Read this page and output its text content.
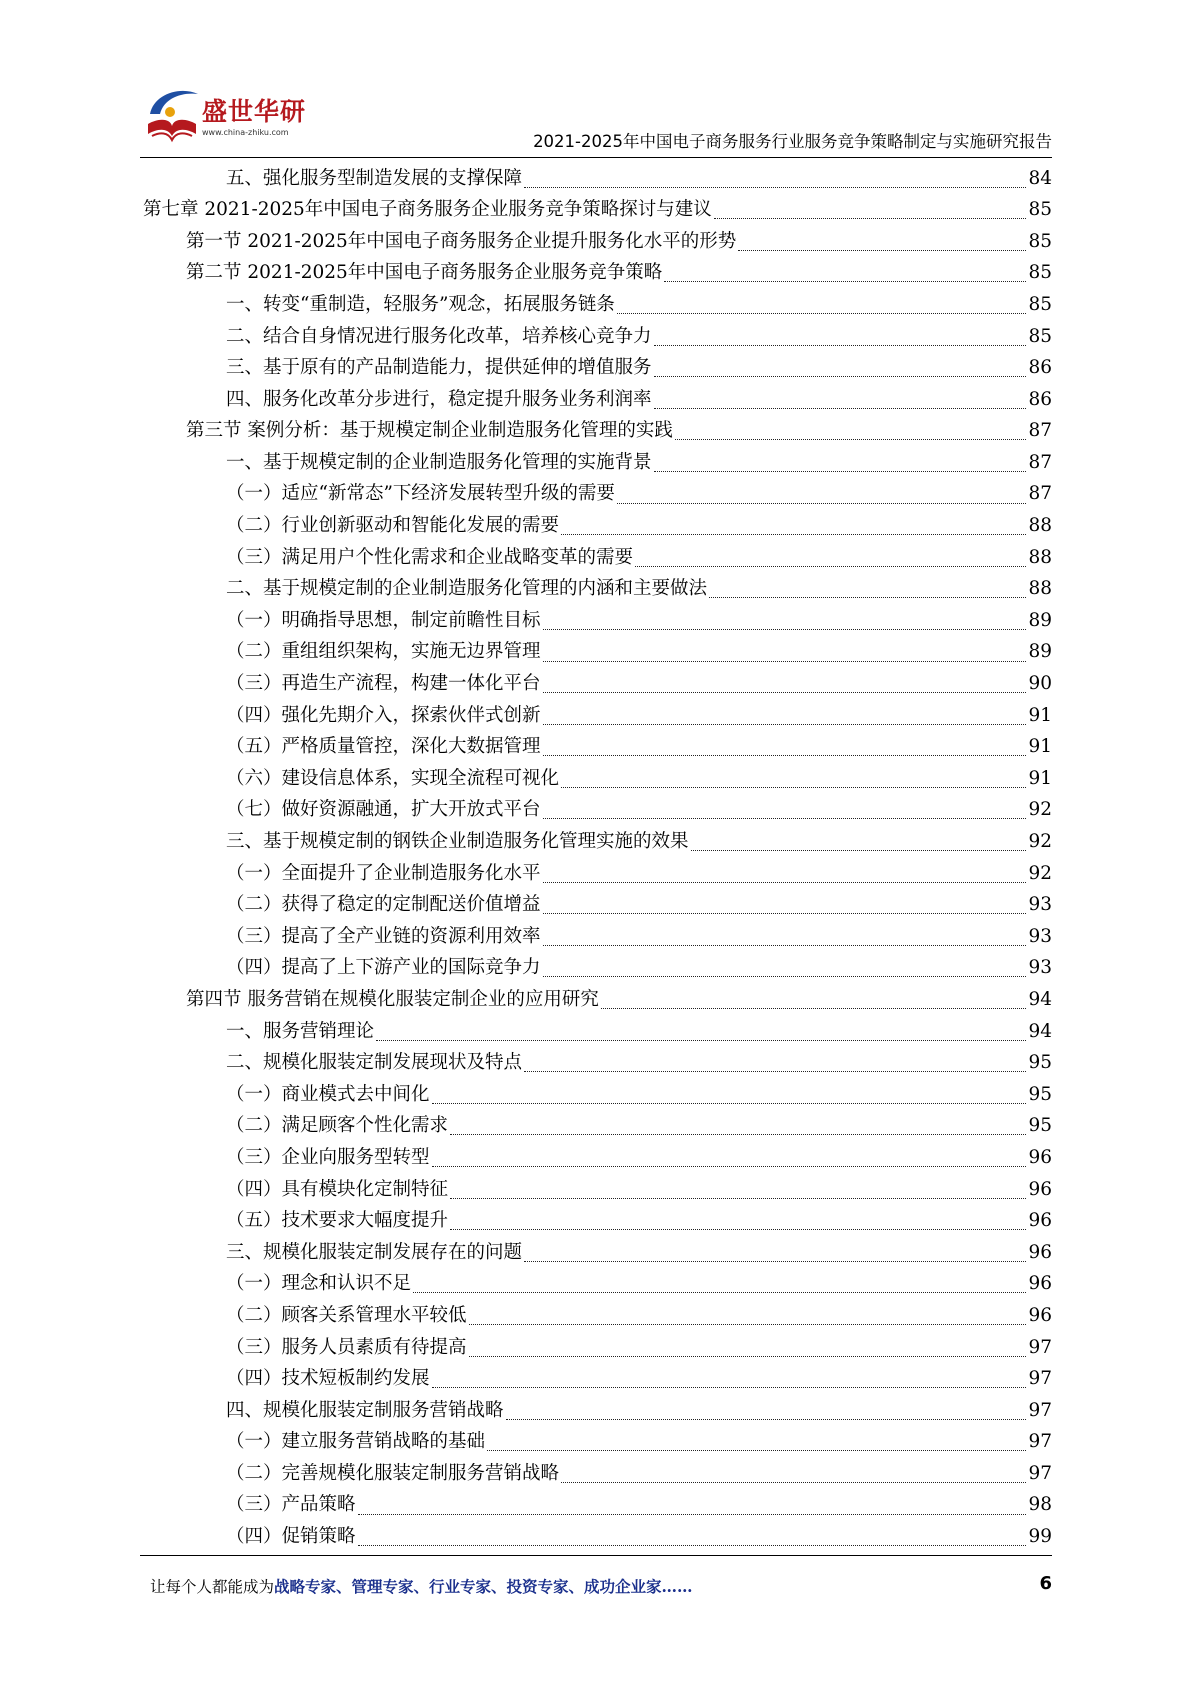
盛世华研
www.china-zhiku.com	2021-2025年中国电子商务服务行业服务竞争策略制定与实施研究报告
五、强化服务型制造发展的支撑保障	84
第七章 2021-2025年中国电子商务服务企业服务竞争策略探讨与建议	85
第一节 2021-2025年中国电子商务服务企业提升服务化水平的形势	85
第二节 2021-2025年中国电子商务服务企业服务竞争策略	85
一、转变“重制造，轻服务”观念，拓展服务链条	85
二、结合自身情况进行服务化改革，培养核心竞争力	85
三、基于原有的产品制造能力，提供延伸的增值服务	86
四、服务化改革分步进行，稳定提升服务业务利润率	86
第三节 案例分析：基于规模定制企业制造服务化管理的实践	87
一、基于规模定制的企业制造服务化管理的实施背景	87
（一）适应“新常态”下经济发展转型升级的需要	87
（二）行业创新驱动和智能化发展的需要	88
（三）满足用户个性化需求和企业战略变革的需要	88
二、基于规模定制的企业制造服务化管理的内涵和主要做法	88
（一）明确指导思想，制定前瞻性目标	89
（二）重组组织架构，实施无边界管理	89
（三）再造生产流程，构建一体化平台	90
（四）强化先期介入，探索伙伴式创新	91
（五）严格质量管控，深化大数据管理	91
（六）建设信息体系，实现全流程可视化	91
（七）做好资源融通，扩大开放式平台	92
三、基于规模定制的钢铁企业制造服务化管理实施的效果	92
（一）全面提升了企业制造服务化水平	92
（二）获得了稳定的定制配送价值增益	93
（三）提高了全产业链的资源利用效率	93
（四）提高了上下游产业的国际竞争力	93
第四节 服务营销在规模化服装定制企业的应用研究	94
一、服务营销理论	94
二、规模化服装定制发展现状及特点	95
（一）商业模式去中间化	95
（二）满足顾客个性化需求	95
（三）企业向服务型转型	96
（四）具有模块化定制特征	96
（五）技术要求大幅度提升	96
三、规模化服装定制发展存在的问题	96
（一）理念和认识不足	96
（二）顾客关系管理水平较低	96
（三）服务人员素质有待提高	97
（四）技术短板制约发展	97
四、规模化服装定制服务营销战略	97
（一）建立服务营销战略的基础	97
（二）完善规模化服装定制服务营销战略	97
（三）产品策略	98
（四）促销策略	99
让每个人都能成为战略专家、管理专家、行业专家、投资专家、成功企业家……	6
